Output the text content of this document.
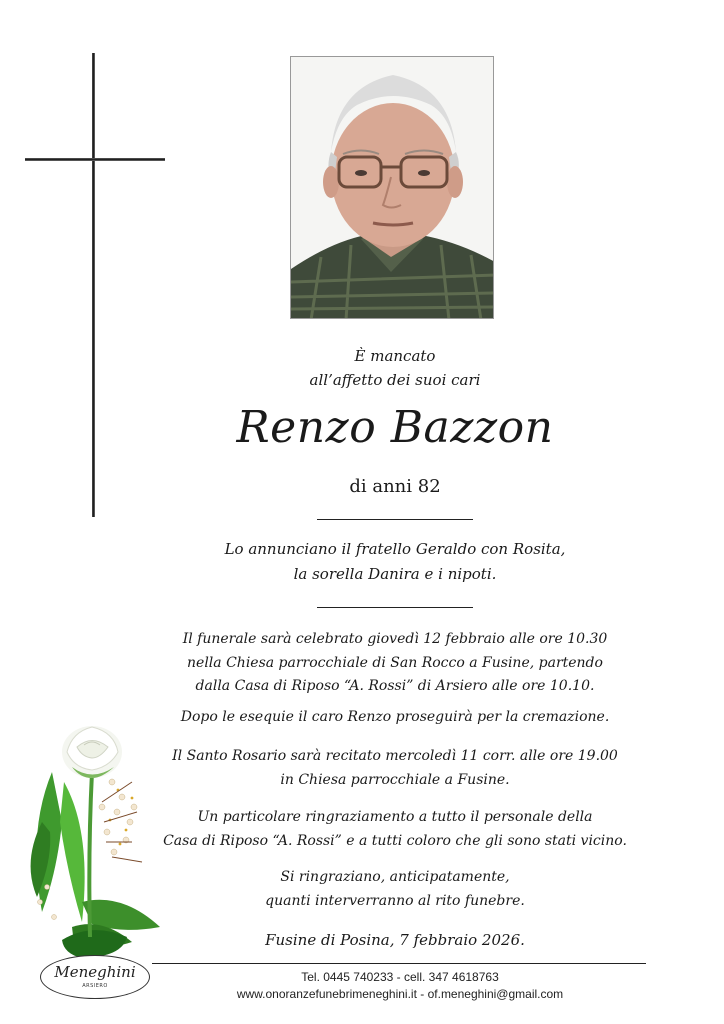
È mancato
all’affetto dei suoi cari
Renzo Bazzon
di anni 82
Lo annunciano il fratello Geraldo con Rosita,
la sorella Danira e i nipoti.
Il funerale sarà celebrato giovedì 12 febbraio alle ore 10.30
nella Chiesa parrocchiale di San Rocco a Fusine, partendo
dalla Casa di Riposo “A. Rossi” di Arsiero alle ore 10.10.
Dopo le esequie il caro Renzo proseguirà per la cremazione.
Il Santo Rosario sarà recitato mercoledì 11 corr. alle ore 19.00
in Chiesa parrocchiale a Fusine.
Un particolare ringraziamento a tutto il personale della
Casa di Riposo “A. Rossi” e a tutti coloro che gli sono stati vicino.
Si ringraziano, anticipatamente,
quanti interverranno al rito funebre.
Fusine di Posina, 7 febbraio 2026.
Meneghini
ARSIERO
Tel. 0445 740233 - cell. 347 4618763
www.onoranzefunebrimeneghini.it - of.meneghini@gmail.com
